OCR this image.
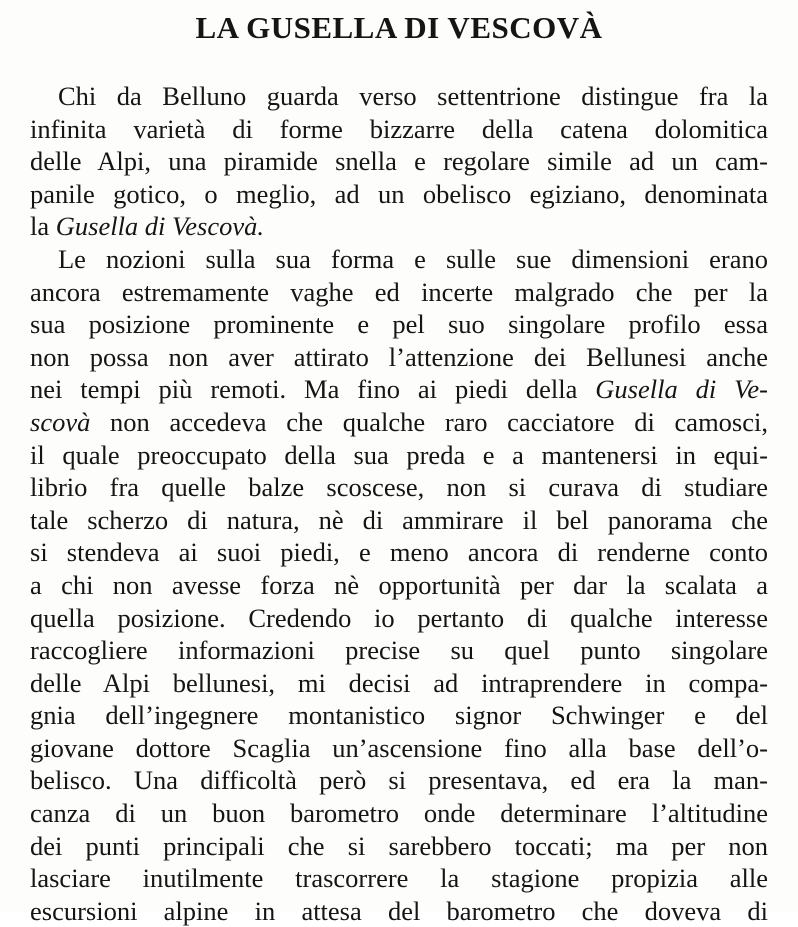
LA GUSELLA DI VESCOVÀ
Chi da Belluno guarda verso settentrione distingue fra la
infinita varietà di forme bizzarre della catena dolomitica
delle Alpi, una piramide snella e regolare simile ad un cam-
panile gotico, o meglio, ad un obelisco egiziano, denominata
la Gusella di Vescovà.
Le nozioni sulla sua forma e sulle sue dimensioni erano
ancora estremamente vaghe ed incerte malgrado che per la
sua posizione prominente e pel suo singolare profilo essa
non possa non aver attirato l’attenzione dei Bellunesi anche
nei tempi più remoti. Ma fino ai piedi della Gusella di Ve-
scovà non accedeva che qualche raro cacciatore di camosci,
il quale preoccupato della sua preda e a mantenersi in equi-
librio fra quelle balze scoscese, non si curava di studiare
tale scherzo di natura, nè di ammirare il bel panorama che
si stendeva ai suoi piedi, e meno ancora di renderne conto
a chi non avesse forza nè opportunità per dar la scalata a
quella posizione. Credendo io pertanto di qualche interesse
raccogliere informazioni precise su quel punto singolare
delle Alpi bellunesi, mi decisi ad intraprendere in compa-
gnia dell’ingegnere montanistico signor Schwinger e del
giovane dottore Scaglia un’ascensione fino alla base dell’o-
belisco. Una difficoltà però si presentava, ed era la man-
canza di un buon barometro onde determinare l’altitudine
dei punti principali che si sarebbero toccati; ma per non
lasciare inutilmente trascorrere la stagione propizia alle
escursioni alpine in attesa del barometro che doveva di
